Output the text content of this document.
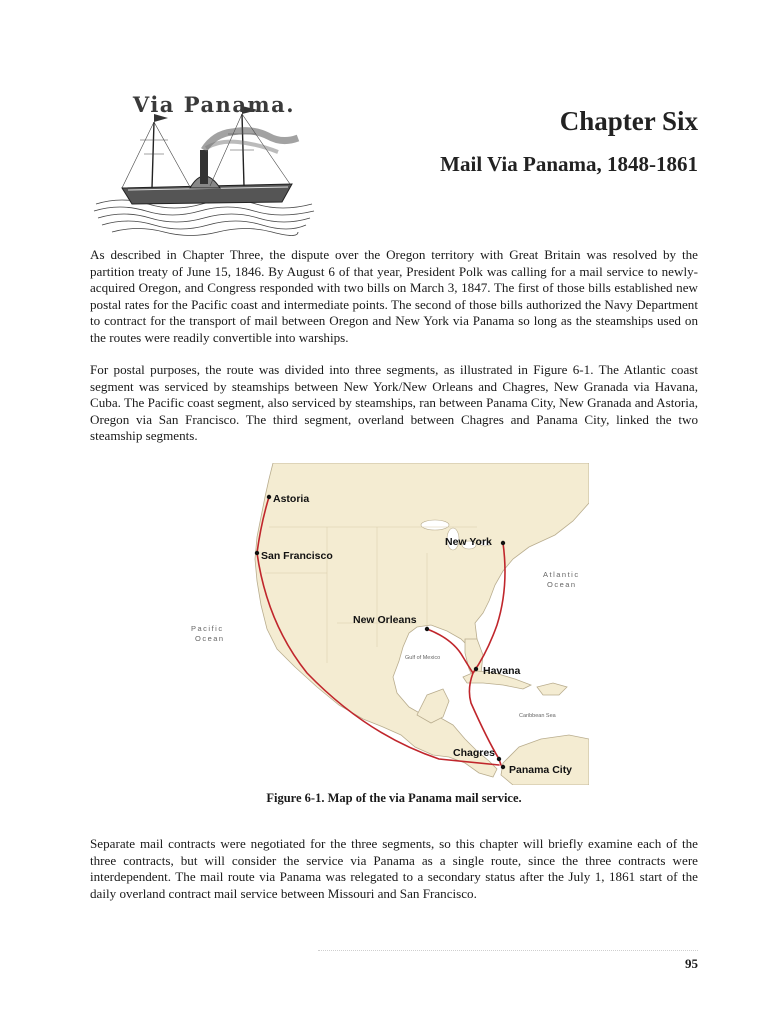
Via Panama.
Chapter Six
Mail Via Panama, 1848-1861

As described in Chapter Three, the dispute over the Oregon territory with Great Britain was resolved by the partition treaty of June 15, 1846. By August 6 of that year, President Polk was calling for a mail service to newly-acquired Oregon, and Congress responded with two bills on March 3, 1847. The first of those bills established new postal rates for the Pacific coast and intermediate points. The second of those bills authorized the Navy Department to contract for the transport of mail between Oregon and New York via Panama so long as the steamships used on the routes were readily convertible into warships.

For postal purposes, the route was divided into three segments, as illustrated in Figure 6-1. The Atlantic coast segment was serviced by steamships between New York/New Orleans and Chagres, New Granada via Havana, Cuba. The Pacific coast segment, also serviced by steamships, ran between Panama City, New Granada and Astoria, Oregon via San Francisco. The third segment, overland between Chagres and Panama City, linked the two steamship segments.

Astoria
San Francisco
New York
New Orleans
Havana
Chagres
Panama City
Atlantic
Ocean
Pacific
Ocean
Gulf of Mexico
Caribbean Sea
Figure 6-1. Map of the via Panama mail service.

Separate mail contracts were negotiated for the three segments, so this chapter will briefly examine each of the three contracts, but will consider the service via Panama as a single route, since the three contracts were interdependent. The mail route via Panama was relegated to a secondary status after the July 1, 1861 start of the daily overland contract mail service between Missouri and San Francisco.

95
